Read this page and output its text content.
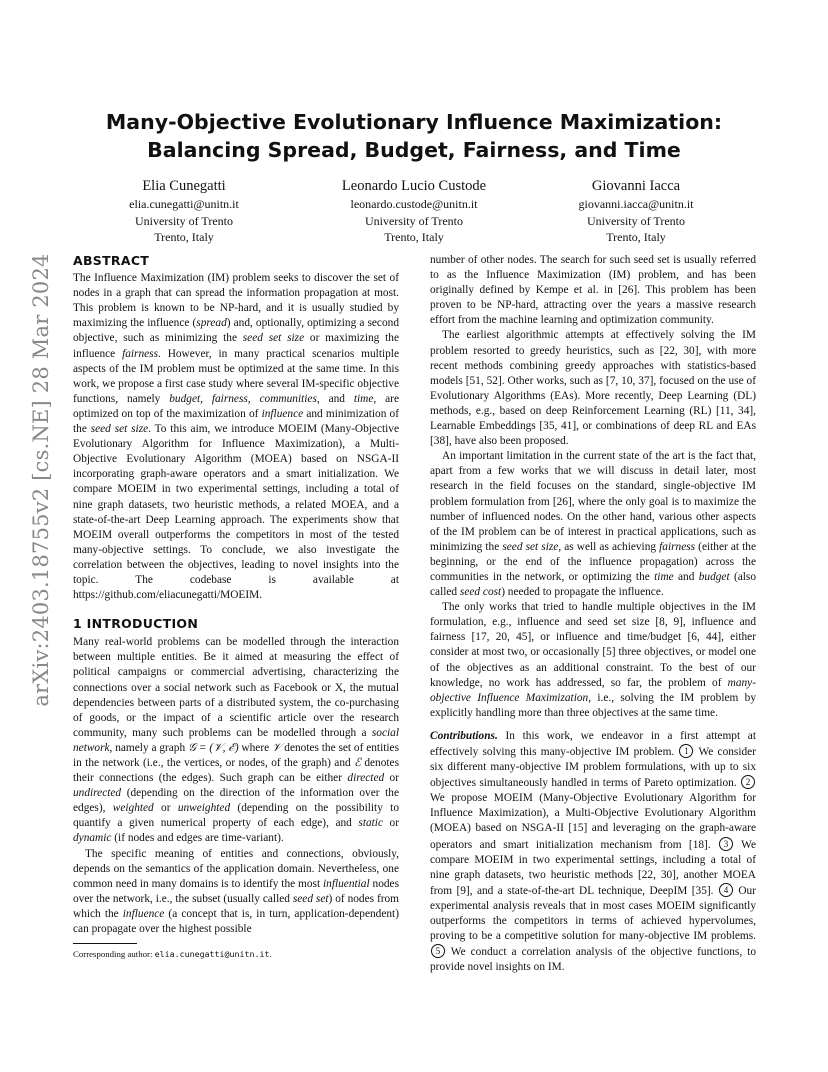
arXiv:2403.18755v2 [cs.NE] 28 Mar 2024
Many-Objective Evolutionary Influence Maximization:
Balancing Spread, Budget, Fairness, and Time
Elia Cunegatti
elia.cunegatti@unitn.it
University of Trento
Trento, Italy
Leonardo Lucio Custode
leonardo.custode@unitn.it
University of Trento
Trento, Italy
Giovanni Iacca
giovanni.iacca@unitn.it
University of Trento
Trento, Italy
ABSTRACT

The Influence Maximization (IM) problem seeks to discover the set of nodes in a graph that can spread the information propagation at most. This problem is known to be NP-hard, and it is usually studied by maximizing the influence (spread) and, optionally, optimizing a second objective, such as minimizing the seed set size or maximizing the influence fairness. However, in many practical scenarios multiple aspects of the IM problem must be optimized at the same time. In this work, we propose a first case study where several IM-specific objective functions, namely budget, fairness, communities, and time, are optimized on top of the maximization of influence and minimization of the seed set size. To this aim, we introduce MOEIM (Many-Objective Evolutionary Algorithm for Influence Maximization), a Multi-Objective Evolutionary Algorithm (MOEA) based on NSGA-II incorporating graph-aware operators and a smart initialization. We compare MOEIM in two experimental settings, including a total of nine graph datasets, two heuristic methods, a related MOEA, and a state-of-the-art Deep Learning approach. The experiments show that MOEIM overall outperforms the competitors in most of the tested many-objective settings. To conclude, we also investigate the correlation between the objectives, leading to novel insights into the topic. The codebase is available at https://github.com/eliacunegatti/MOEIM.

1 INTRODUCTION

Many real-world problems can be modelled through the interaction between multiple entities. Be it aimed at measuring the effect of political campaigns or commercial advertising, characterizing the connections over a social network such as Facebook or X, the mutual dependencies between parts of a distributed system, the co-purchasing of goods, or the impact of a scientific article over the research community, many such problems can be modelled through a social network, namely a graph 𝒢 = (𝒱, ℰ) where 𝒱 denotes the set of entities in the network (i.e., the vertices, or nodes, of the graph) and ℰ denotes their connections (the edges). Such graph can be either directed or undirected (depending on the direction of the information over the edges), weighted or unweighted (depending on the possibility to quantify a given numerical property of each edge), and static or dynamic (if nodes and edges are time-variant).

The specific meaning of entities and connections, obviously, depends on the semantics of the application domain. Nevertheless, one common need in many domains is to identify the most influential nodes over the network, i.e., the subset (usually called seed set) of nodes from which the influence (a concept that is, in turn, application-dependent) can propagate over the highest possible

Corresponding author: elia.cunegatti@unitn.it.

number of other nodes. The search for such seed set is usually referred to as the Influence Maximization (IM) problem, and has been originally defined by Kempe et al. in [26]. This problem has been proven to be NP-hard, attracting over the years a massive research effort from the machine learning and optimization community.

The earliest algorithmic attempts at effectively solving the IM problem resorted to greedy heuristics, such as [22, 30], with more recent methods combining greedy approaches with statistics-based models [51, 52]. Other works, such as [7, 10, 37], focused on the use of Evolutionary Algorithms (EAs). More recently, Deep Learning (DL) methods, e.g., based on deep Reinforcement Learning (RL) [11, 34], Learnable Embeddings [35, 41], or combinations of deep RL and EAs [38], have also been proposed.

An important limitation in the current state of the art is the fact that, apart from a few works that we will discuss in detail later, most research in the field focuses on the standard, single-objective IM problem formulation from [26], where the only goal is to maximize the number of influenced nodes. On the other hand, various other aspects of the IM problem can be of interest in practical applications, such as minimizing the seed set size, as well as achieving fairness (either at the beginning, or the end of the influence propagation) across the communities in the network, or optimizing the time and budget (also called seed cost) needed to propagate the influence.

The only works that tried to handle multiple objectives in the IM formulation, e.g., influence and seed set size [8, 9], influence and fairness [17, 20, 45], or influence and time/budget [6, 44], either consider at most two, or occasionally [5] three objectives, or model one of the objectives as an additional constraint. To the best of our knowledge, no work has addressed, so far, the problem of many-objective Influence Maximization, i.e., solving the IM problem by explicitly handling more than three objectives at the same time.

Contributions. In this work, we endeavor in a first attempt at effectively solving this many-objective IM problem. 1 We consider six different many-objective IM problem formulations, with up to six objectives simultaneously handled in terms of Pareto optimization. 2 We propose MOEIM (Many-Objective Evolutionary Algorithm for Influence Maximization), a Multi-Objective Evolutionary Algorithm (MOEA) based on NSGA-II [15] and leveraging on the graph-aware operators and smart initialization mechanism from [18]. 3 We compare MOEIM in two experimental settings, including a total of nine graph datasets, two heuristic methods [22, 30], another MOEA from [9], and a state-of-the-art DL technique, DeepIM [35]. 4 Our experimental analysis reveals that in most cases MOEIM significantly outperforms the competitors in terms of achieved hypervolumes, proving to be a competitive solution for many-objective IM problems. 5 We conduct a correlation analysis of the objective functions, to provide novel insights on IM.
